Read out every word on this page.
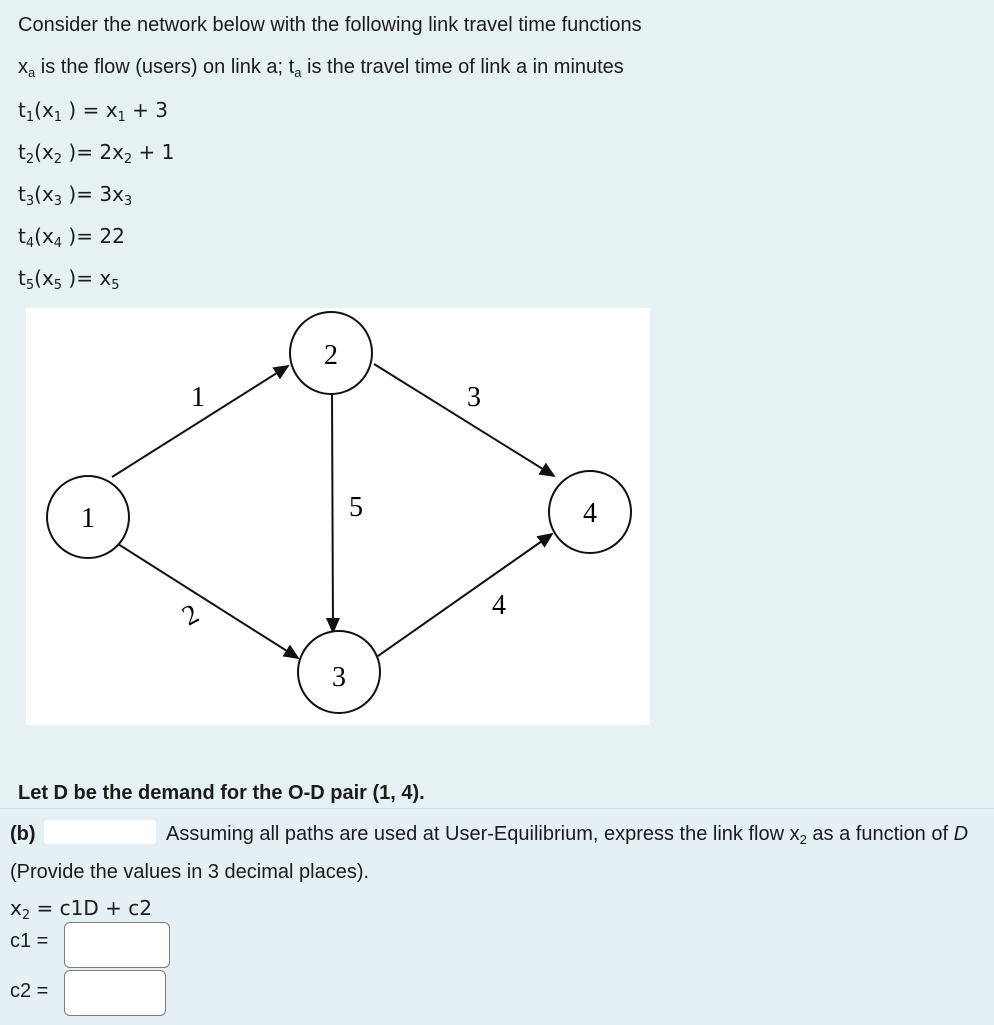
Consider the network below with the following link travel time functions
$x_a$ is the flow (users) on link a; $t_a$ is the travel time of link a in minutes
$t_1(x_1$ ) = $x_1 + 3$
$t_2(x_2$ )= $2x_2 + 1$
$t_3(x_3$ )= $3x_3$
$t_4(x_4$ )= 22
$t_5(x_5$ )= $x_5$
1
2
3
4
1
2
3
4
5
Let D be the demand for the O-D pair (1, 4).
(b)	Assuming all paths are used at User-Equilibrium, express the link flow $x_2$ as a function of D (Provide the values in 3 decimal places).
$x_2 = c1D + c2$
c1 =
c2 =
